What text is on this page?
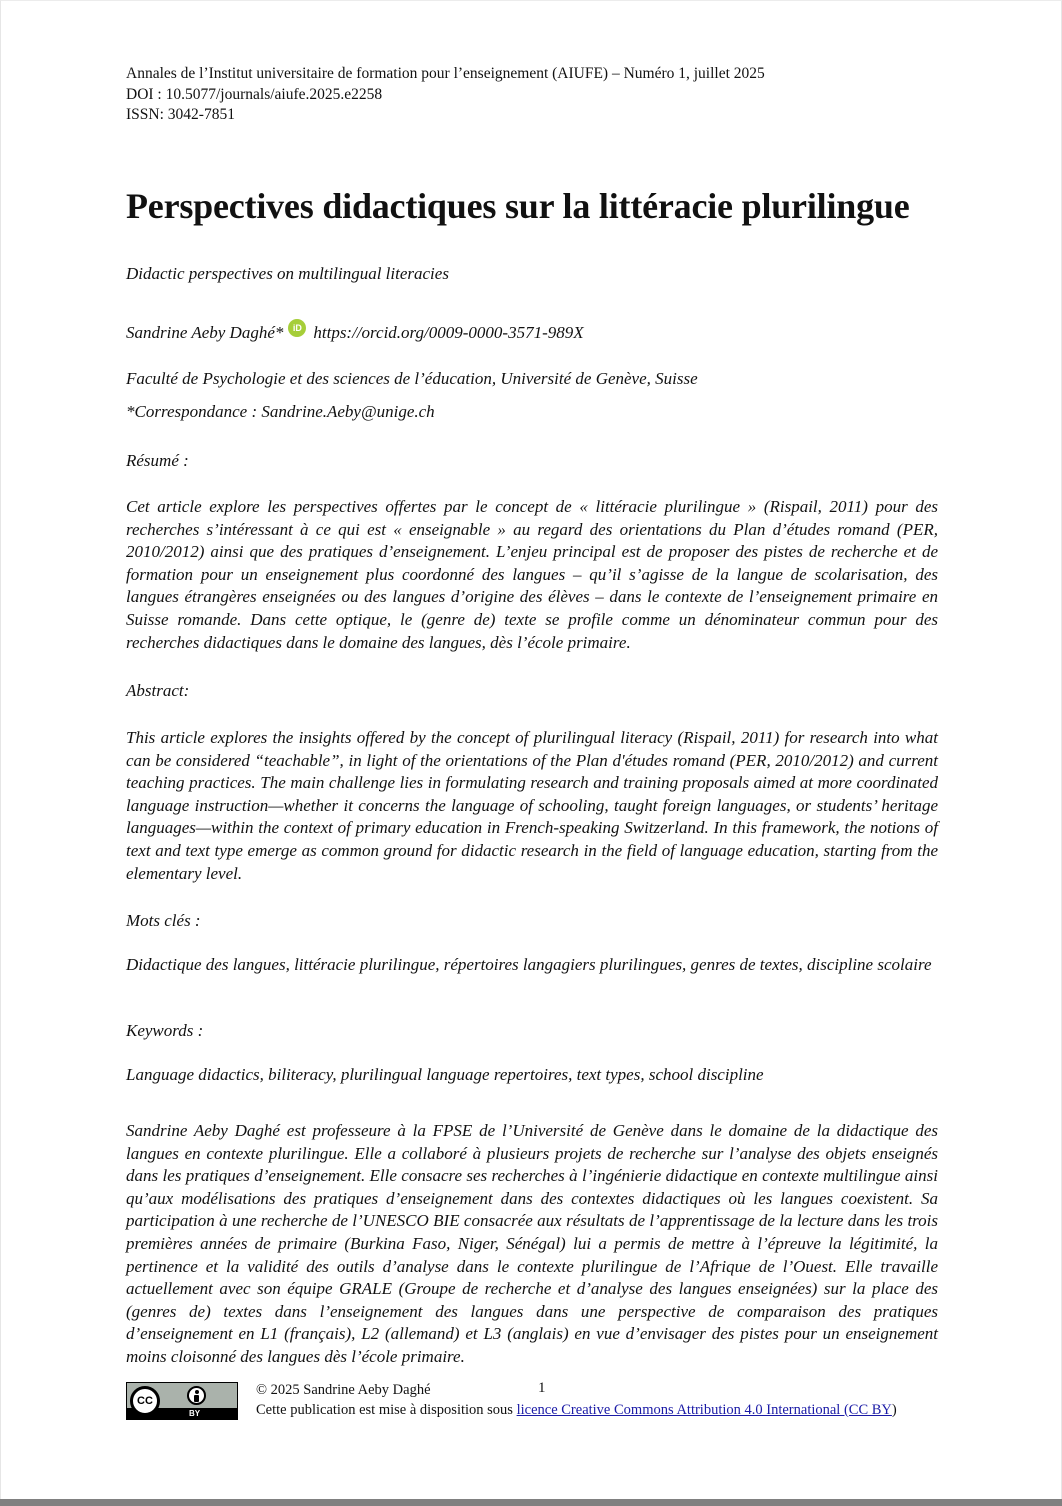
Annales de l’Institut universitaire de formation pour l’enseignement (AIUFE) – Numéro 1, juillet 2025
DOI : 10.5077/journals/aiufe.2025.e2258
ISSN: 3042-7851
Perspectives didactiques sur la littéracie plurilingue
Didactic perspectives on multilingual literacies
Sandrine Aeby Daghé*	iD https://orcid.org/0009-0000-3571-989X
Faculté de Psychologie et des sciences de l’éducation, Université de Genève, Suisse
*Correspondance : Sandrine.Aeby@unige.ch
Résumé :

Cet article explore les perspectives offertes par le concept de « littéracie plurilingue » (Rispail, 2011) pour des recherches s’intéressant à ce qui est « enseignable » au regard des orientations du Plan d’études romand (PER, 2010/2012) ainsi que des pratiques d’enseignement. L’enjeu principal est de proposer des pistes de recherche et de formation pour un enseignement plus coordonné des langues – qu’il s’agisse de la langue de scolarisation, des langues étrangères enseignées ou des langues d’origine des élèves – dans le contexte de l’enseignement primaire en Suisse romande. Dans cette optique, le (genre de) texte se profile comme un dénominateur commun pour des recherches didactiques dans le domaine des langues, dès l’école primaire.

Abstract:

This article explores the insights offered by the concept of plurilingual literacy (Rispail, 2011) for research into what can be considered “teachable”, in light of the orientations of the Plan d'études romand (PER, 2010/2012) and current teaching practices. The main challenge lies in formulating research and training proposals aimed at more coordinated language instruction—whether it concerns the language of schooling, taught foreign languages, or students’ heritage languages—within the context of primary education in French-speaking Switzerland. In this framework, the notions of text and text type emerge as common ground for didactic research in the field of language education, starting from the elementary level.

Mots clés :

Didactique des langues, littéracie plurilingue, répertoires langagiers plurilingues, genres de textes, discipline scolaire

Keywords :

Language didactics, biliteracy, plurilingual language repertoires, text types, school discipline

Sandrine Aeby Daghé est professeure à la FPSE de l’Université de Genève dans le domaine de la didactique des langues en contexte plurilingue. Elle a collaboré à plusieurs projets de recherche sur l’analyse des objets enseignés dans les pratiques d’enseignement. Elle consacre ses recherches à l’ingénierie didactique en contexte multilingue ainsi qu’aux modélisations des pratiques d’enseignement dans des contextes didactiques où les langues coexistent. Sa participation à une recherche de l’UNESCO BIE consacrée aux résultats de l’apprentissage de la lecture dans les trois premières années de primaire (Burkina Faso, Niger, Sénégal) lui a permis de mettre à l’épreuve la légitimité, la pertinence et la validité des outils d’analyse dans le contexte plurilingue de l’Afrique de l’Ouest. Elle travaille actuellement avec son équipe GRALE (Groupe de recherche et d’analyse des langues enseignées) sur la place des (genres de) textes dans l’enseignement des langues dans une perspective de comparaison des pratiques d’enseignement en L1 (français), L2 (allemand) et L3 (anglais) en vue d’envisager des pistes pour un enseignement moins cloisonné des langues dès l’école primaire.

CC
BY
© 2025 Sandrine Aeby Daghé	1
Cette publication est mise à disposition sous licence Creative Commons Attribution 4.0 International (CC BY)
